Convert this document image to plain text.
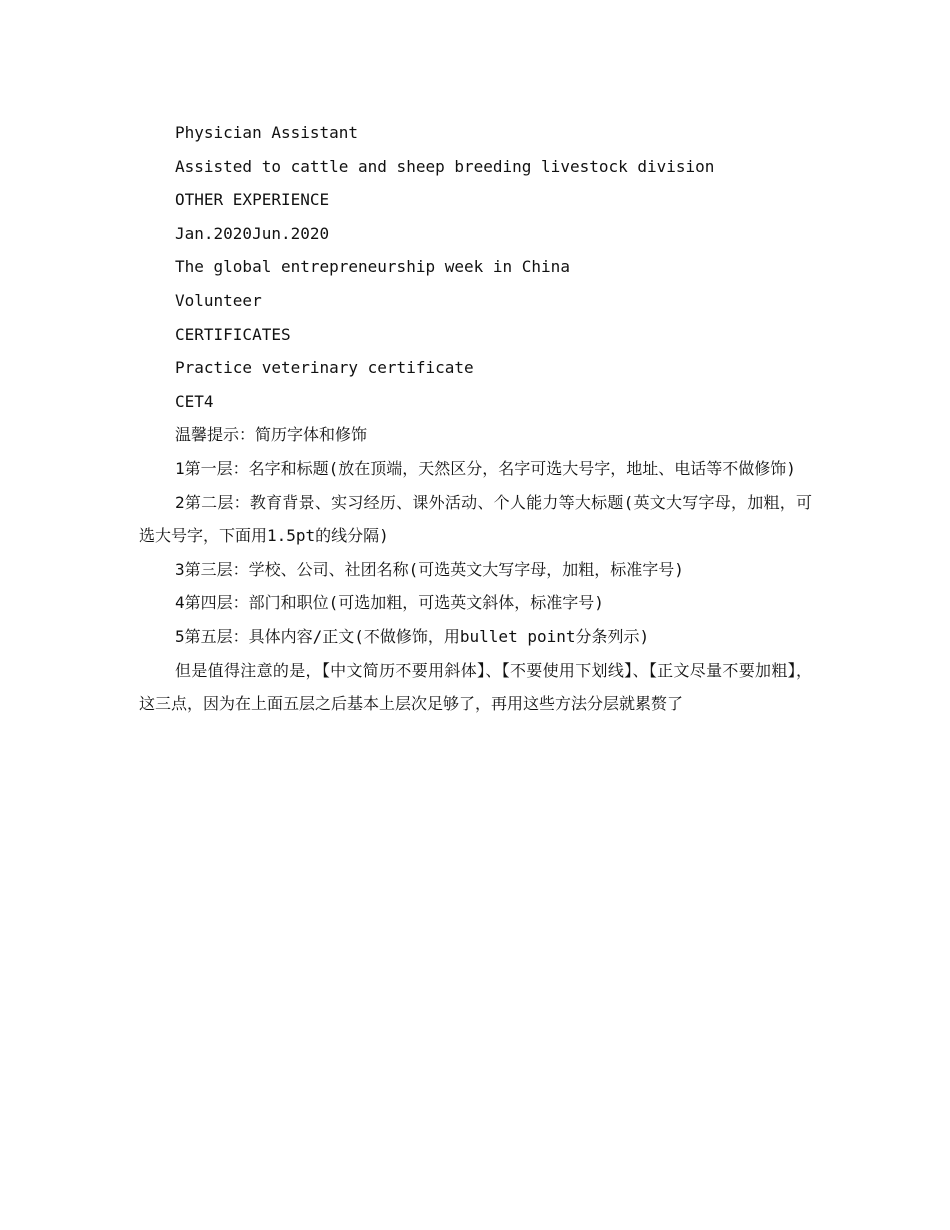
Physician Assistant
Assisted to cattle and sheep breeding livestock division
OTHER EXPERIENCE
Jan.2020Jun.2020
The global entrepreneurship week in China
Volunteer
CERTIFICATES
Practice veterinary certificate
CET4
温馨提示：简历字体和修饰

1第一层：名字和标题(放在顶端，天然区分，名字可选大号字，地址、电话等不做修饰)

2第二层：教育背景、实习经历、课外活动、个人能力等大标题(英文大写字母，加粗，可选大号字，下面用1.5pt的线分隔)

3第三层：学校、公司、社团名称(可选英文大写字母，加粗，标准字号)

4第四层：部门和职位(可选加粗，可选英文斜体，标准字号)

5第五层：具体内容/正文(不做修饰，用bullet point分条列示)

但是值得注意的是，【中文简历不要用斜体】、【不要使用下划线】、【正文尽量不要加粗】，这三点，因为在上面五层之后基本上层次足够了，再用这些方法分层就累赘了
